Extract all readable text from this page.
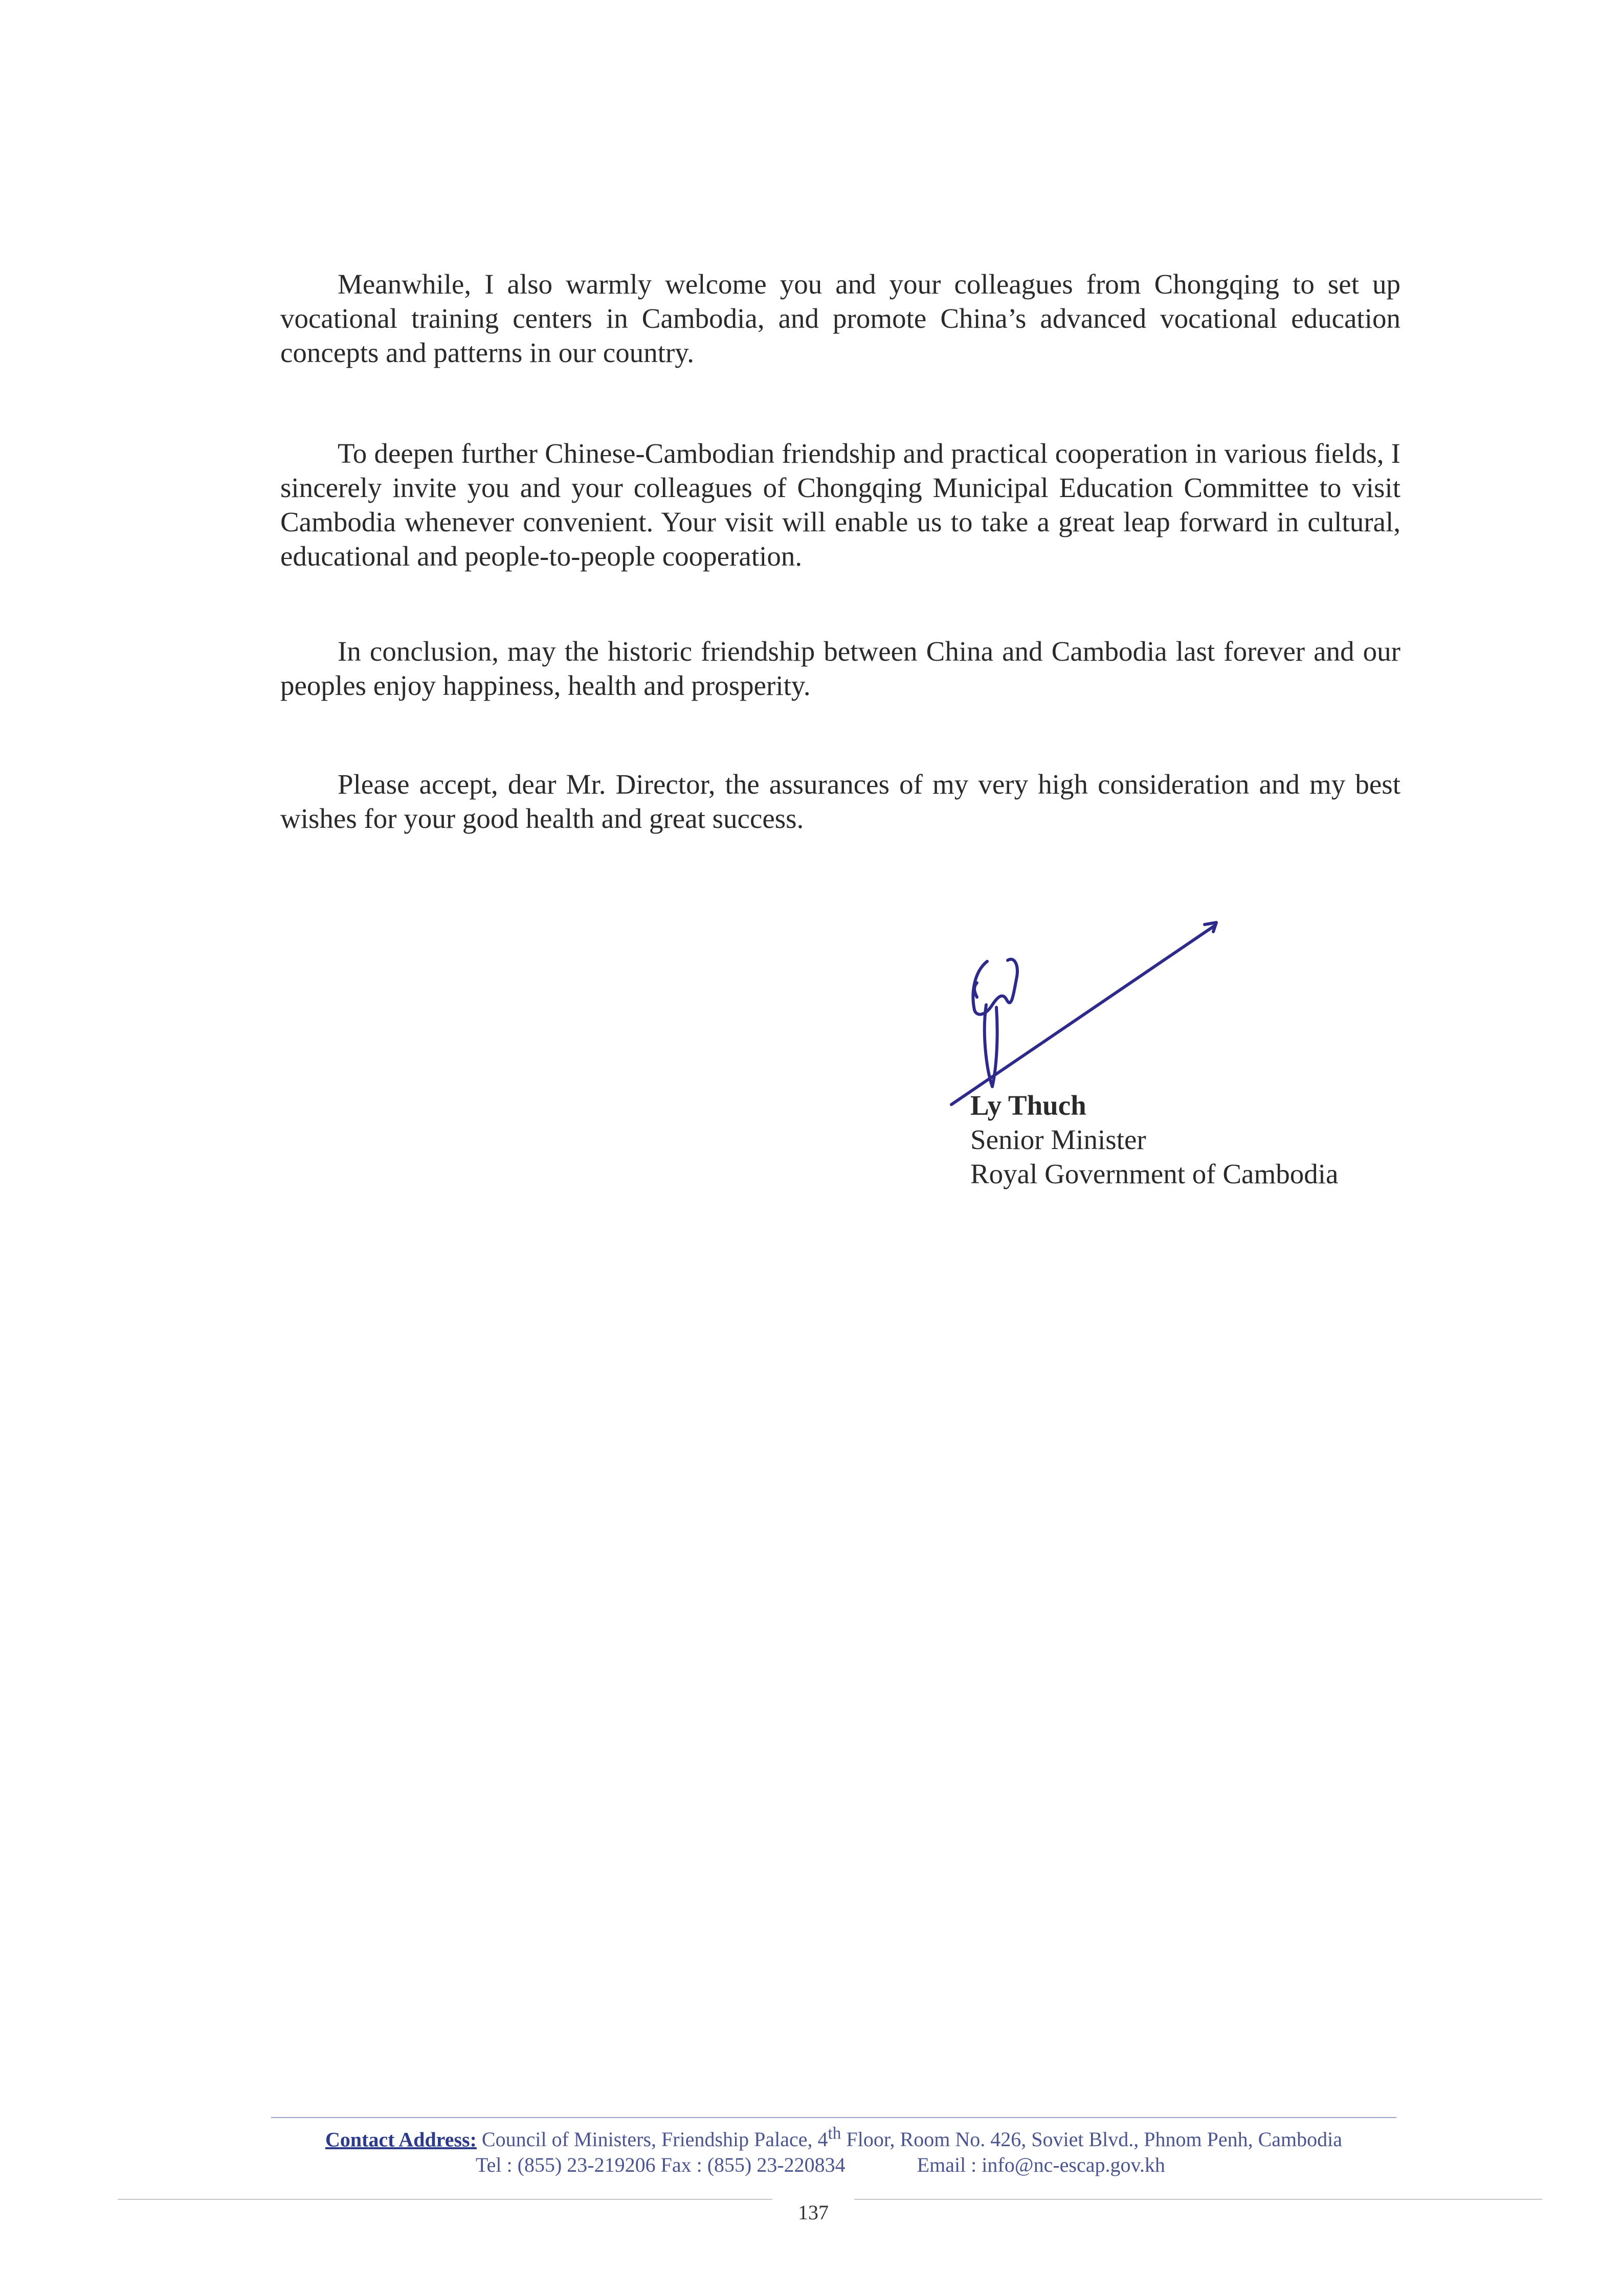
Meanwhile, I also warmly welcome you and your colleagues from Chongqing to set up vocational training centers in Cambodia, and promote China’s advanced vocational education concepts and patterns in our country.

To deepen further Chinese-Cambodian friendship and practical cooperation in various fields, I sincerely invite you and your colleagues of Chongqing Municipal Education Committee to visit Cambodia whenever convenient. Your visit will enable us to take a great leap forward in cultural, educational and people-to-people cooperation.

In conclusion, may the historic friendship between China and Cambodia last forever and our peoples enjoy happiness, health and prosperity.

Please accept, dear Mr. Director, the assurances of my very high consideration and my best wishes for your good health and great success.

Ly Thuch
Senior Minister
Royal Government of Cambodia
Contact Address: Council of Ministers, Friendship Palace, 4th Floor, Room No. 426, Soviet Blvd., Phnom Penh, Cambodia
Tel : (855) 23-219206 Fax : (855) 23-220834	Email : info@nc-escap.gov.kh
137
